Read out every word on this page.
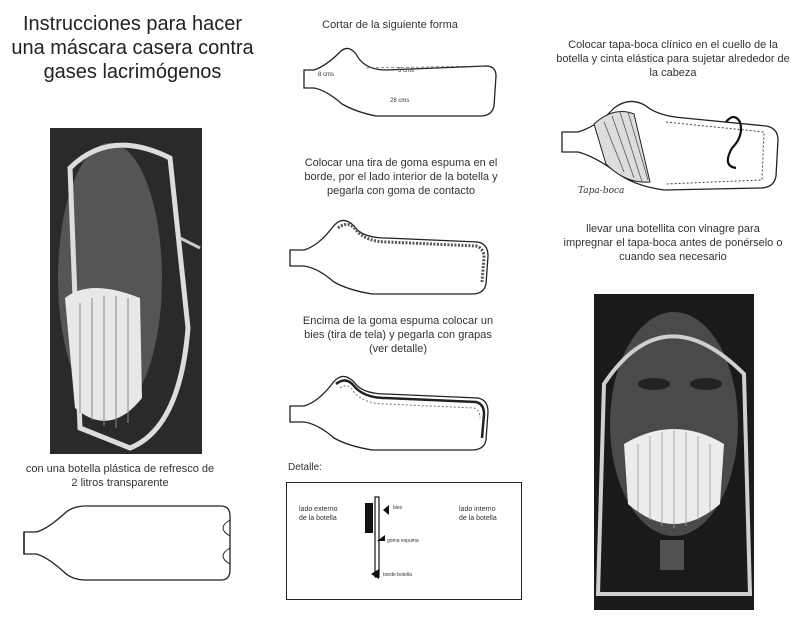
Instrucciones para hacer una máscara casera contra gases lacrimógenos
con una botella plástica de refresco de 2 litros transparente
Cortar de la siguiente forma
8 cms
5 cms
28 cms
Colocar una tira de goma espuma en el borde, por el lado interior de la botella y pegarla con goma de contacto
Encima de la goma espuma colocar un bies (tira de tela) y pegarla con grapas (ver detalle)
Detalle:
lado externo de la botella
lado interno de la botella
bies
goma espuma
borde botella
Colocar tapa-boca clínico en el cuello de la botella y cinta elástica para sujetar alrededor de la cabeza
Tapa-boca
llevar una botellita con vinagre para impregnar el tapa-boca antes de ponérselo o cuando sea necesario
